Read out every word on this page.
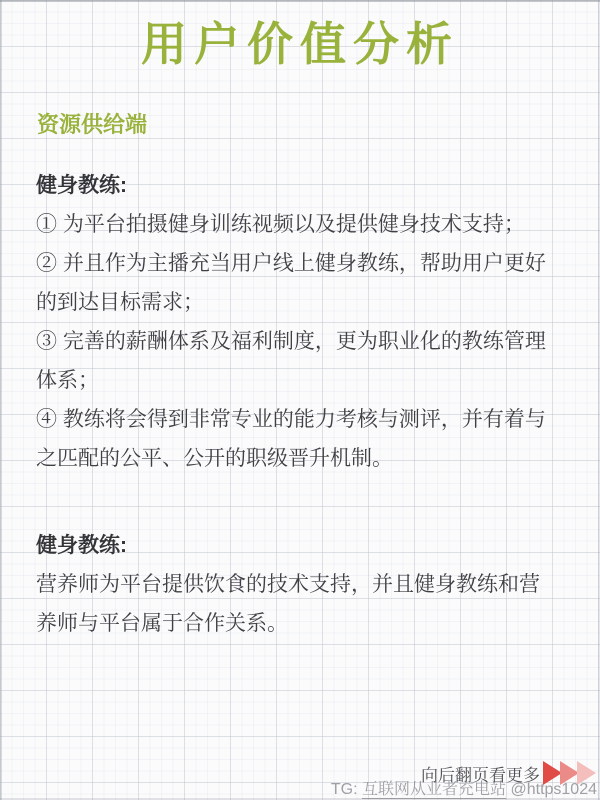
用户价值分析
资源供给端
健身教练:
① 为平台拍摄健身训练视频以及提供健身技术支持；
② 并且作为主播充当用户线上健身教练，帮助用户更好
的到达目标需求；
③ 完善的薪酬体系及福利制度，更为职业化的教练管理
体系；
④ 教练将会得到非常专业的能力考核与测评，并有着与
之匹配的公平、公开的职级晋升机制。
健身教练:
营养师为平台提供饮食的技术支持，并且健身教练和营
养师与平台属于合作关系。
向后翻页看更多
TG: 互联网从业者充电站 @https1024
